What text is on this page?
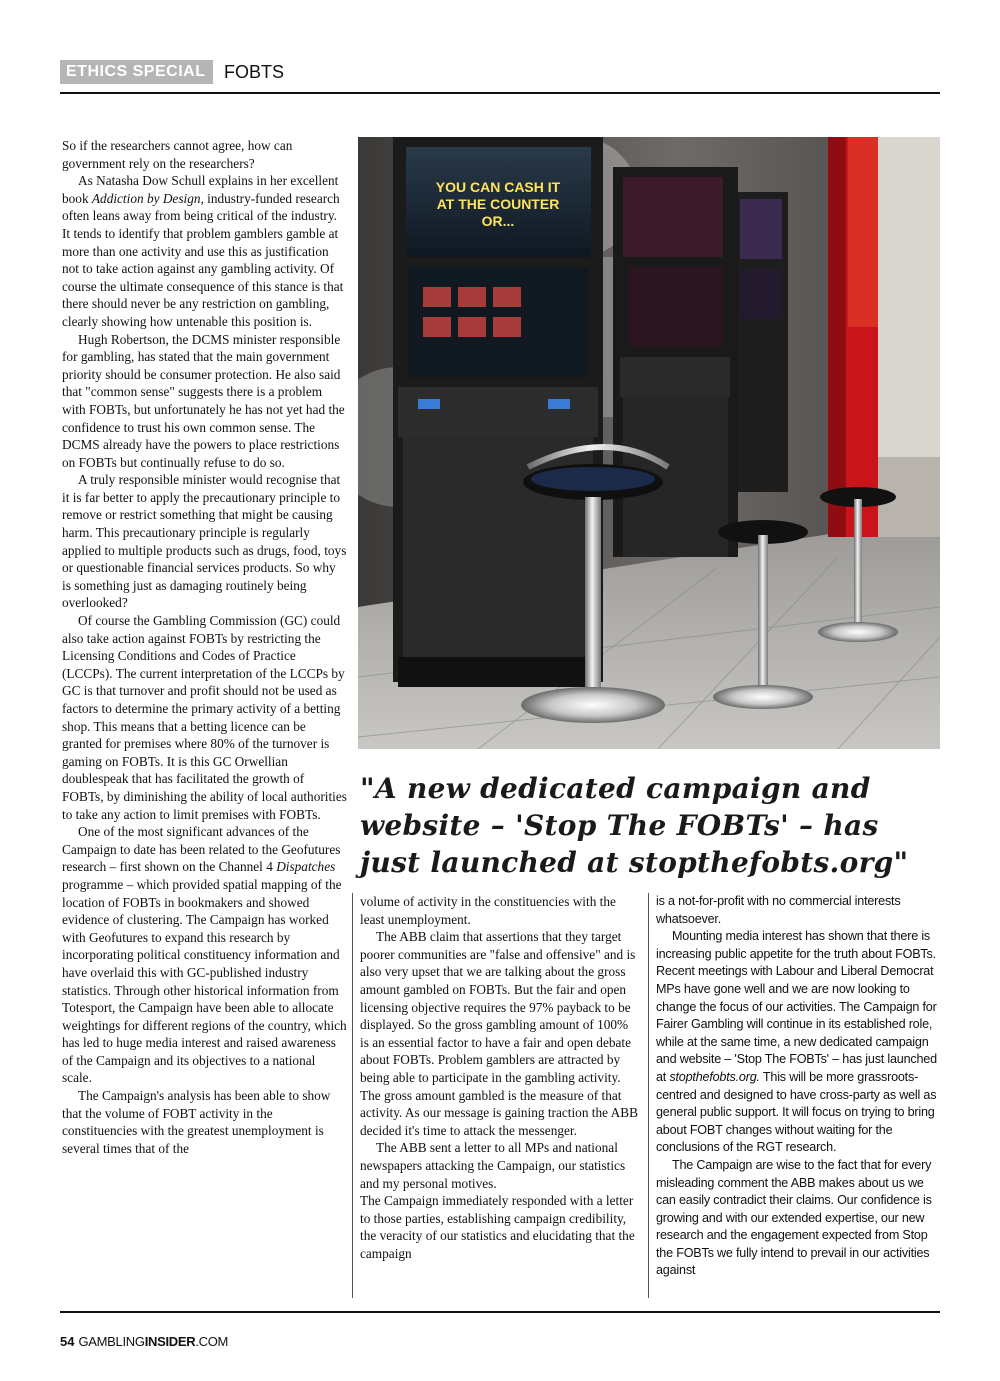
ETHICS SPECIAL	FOBTS

So if the researchers cannot agree, how can government rely on the researchers?

As Natasha Dow Schull explains in her excellent book Addiction by Design, industry-funded research often leans away from being critical of the industry. It tends to identify that problem gamblers gamble at more than one activity and use this as justification not to take action against any gambling activity. Of course the ultimate consequence of this stance is that there should never be any restriction on gambling, clearly showing how untenable this position is.

Hugh Robertson, the DCMS minister responsible for gambling, has stated that the main government priority should be consumer protection. He also said that "common sense" suggests there is a problem with FOBTs, but unfortunately he has not yet had the confidence to trust his own common sense. The DCMS already have the powers to place restrictions on FOBTs but continually refuse to do so.

A truly responsible minister would recognise that it is far better to apply the precautionary principle to remove or restrict something that might be causing harm. This precautionary principle is regularly applied to multiple products such as drugs, food, toys or questionable financial services products. So why is something just as damaging routinely being overlooked?

Of course the Gambling Commission (GC) could also take action against FOBTs by restricting the Licensing Conditions and Codes of Practice (LCCPs). The current interpretation of the LCCPs by GC is that turnover and profit should not be used as factors to determine the primary activity of a betting shop. This means that a betting licence can be granted for premises where 80% of the turnover is gaming on FOBTs. It is this GC Orwellian doublespeak that has facilitated the growth of FOBTs, by diminishing the ability of local authorities to take any action to limit premises with FOBTs.

One of the most significant advances of the Campaign to date has been related to the Geofutures research – first shown on the Channel 4 Dispatches programme – which provided spatial mapping of the location of FOBTs in bookmakers and showed evidence of clustering. The Campaign has worked with Geofutures to expand this research by incorporating political constituency information and have overlaid this with GC-published industry statistics. Through other historical information from Totesport, the Campaign have been able to allocate weightings for different regions of the country, which has led to huge media interest and raised awareness of the Campaign and its objectives to a national scale.

The Campaign's analysis has been able to show that the volume of FOBT activity in the constituencies with the greatest unemployment is several times that of the

YOU CAN CASH IT
AT THE COUNTER
OR...
"A new dedicated campaign and website – 'Stop The FOBTs' – has just launched at stopthefobts.org"

volume of activity in the constituencies with the least unemployment.

The ABB claim that assertions that they target poorer communities are "false and offensive" and is also very upset that we are talking about the gross amount gambled on FOBTs. But the fair and open licensing objective requires the 97% payback to be displayed. So the gross gambling amount of 100% is an essential factor to have a fair and open debate about FOBTs. Problem gamblers are attracted by being able to participate in the gambling activity. The gross amount gambled is the measure of that activity. As our message is gaining traction the ABB decided it's time to attack the messenger.

The ABB sent a letter to all MPs and national newspapers attacking the Campaign, our statistics and my personal motives.

The Campaign immediately responded with a letter to those parties, establishing campaign credibility, the veracity of our statistics and elucidating that the campaign

is a not-for-profit with no commercial interests whatsoever.

Mounting media interest has shown that there is increasing public appetite for the truth about FOBTs. Recent meetings with Labour and Liberal Democrat MPs have gone well and we are now looking to change the focus of our activities. The Campaign for Fairer Gambling will continue in its established role, while at the same time, a new dedicated campaign and website – 'Stop The FOBTs' – has just launched at stopthefobts.org. This will be more grassroots-centred and designed to have cross-party as well as general public support. It will focus on trying to bring about FOBT changes without waiting for the conclusions of the RGT research.

The Campaign are wise to the fact that for every misleading comment the ABB makes about us we can easily contradict their claims. Our confidence is growing and with our extended expertise, our new research and the engagement expected from Stop the FOBTs we fully intend to prevail in our activities against

54 GAMBLINGINSIDER.COM
